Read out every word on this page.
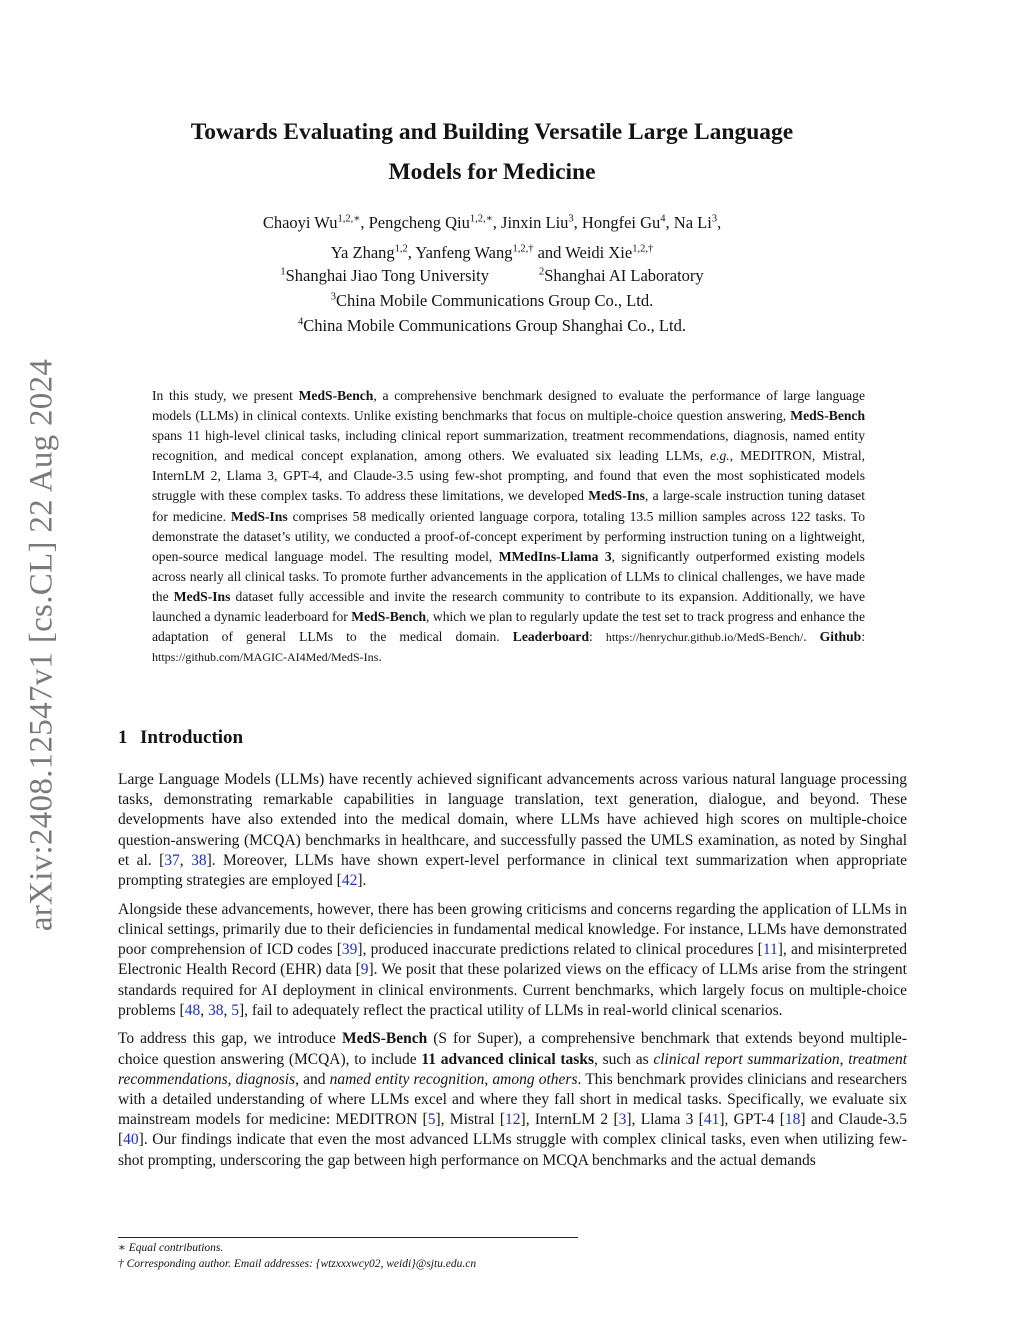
arXiv:2408.12547v1 [cs.CL] 22 Aug 2024
Towards Evaluating and Building Versatile Large Language
Models for Medicine
Chaoyi $Wu^{1,2,∗}$, Pengcheng Qiu$^{1,2,∗}$, Jinxin Liu$^3$, Hongfei Gu$^4$, Na Li$^3$,
Ya Zhang$^{1,2}$, Yanfeng Wang$^{1,2,\dagger}$ and Weidi Xie$^{1,2,\dagger}$
$^1$Shanghai Jiao Tong University	$^2$Shanghai AI Laboratory
$^3$China Mobile Communications Group Co., Ltd.
$^4$China Mobile Communications Group Shanghai Co., Ltd.
In this study, we present MedS-Bench, a comprehensive benchmark designed to evaluate the performance of large language models (LLMs) in clinical contexts. Unlike existing benchmarks that focus on multiple-choice question answering, MedS-Bench spans 11 high-level clinical tasks, including clinical report summarization, treatment recommendations, diagnosis, named entity recognition, and medical concept explanation, among others. We evaluated six leading LLMs, e.g., MEDITRON, Mistral, InternLM 2, Llama 3, GPT-4, and Claude-3.5 using few-shot prompting, and found that even the most sophisticated models struggle with these complex tasks. To address these limitations, we developed MedS-Ins, a large-scale instruction tuning dataset for medicine. MedS-Ins comprises 58 medically oriented language corpora, totaling 13.5 million samples across 122 tasks. To demonstrate the dataset’s utility, we conducted a proof-of-concept experiment by performing instruction tuning on a lightweight, open-source medical language model. The resulting model, MMedIns-Llama 3, significantly outperformed existing models across nearly all clinical tasks. To promote further advancements in the application of LLMs to clinical challenges, we have made the MedS-Ins dataset fully accessible and invite the research community to contribute to its expansion. Additionally, we have launched a dynamic leaderboard for MedS-Bench, which we plan to regularly update the test set to track progress and enhance the adaptation of general LLMs to the medical domain. Leaderboard: https://henrychur.github.io/MedS-Bench/. Github: https://github.com/MAGIC-AI4Med/MedS-Ins.
1 Introduction

Large Language Models (LLMs) have recently achieved significant advancements across various natural language processing tasks, demonstrating remarkable capabilities in language translation, text generation, dialogue, and beyond. These developments have also extended into the medical domain, where LLMs have achieved high scores on multiple-choice question-answering (MCQA) benchmarks in healthcare, and successfully passed the UMLS examination, as noted by Singhal et al. [37, 38]. Moreover, LLMs have shown expert-level performance in clinical text summarization when appropriate prompting strategies are employed [42].

Alongside these advancements, however, there has been growing criticisms and concerns regarding the application of LLMs in clinical settings, primarily due to their deficiencies in fundamental medical knowledge. For instance, LLMs have demonstrated poor comprehension of ICD codes [39], produced inaccurate predictions related to clinical procedures [11], and misinterpreted Electronic Health Record (EHR) data [9]. We posit that these polarized views on the efficacy of LLMs arise from the stringent standards required for AI deployment in clinical environments. Current benchmarks, which largely focus on multiple-choice problems [48, 38, 5], fail to adequately reflect the practical utility of LLMs in real-world clinical scenarios.

To address this gap, we introduce MedS-Bench (S for Super), a comprehensive benchmark that extends beyond multiple-choice question answering (MCQA), to include 11 advanced clinical tasks, such as clinical report summarization, treatment recommendations, diagnosis, and named entity recognition, among others. This benchmark provides clinicians and researchers with a detailed understanding of where LLMs excel and where they fall short in medical tasks. Specifically, we evaluate six mainstream models for medicine: MEDITRON [5], Mistral [12], InternLM 2 [3], Llama 3 [41], GPT-4 [18] and Claude-3.5 [40]. Our findings indicate that even the most advanced LLMs struggle with complex clinical tasks, even when utilizing few-shot prompting, underscoring the gap between high performance on MCQA benchmarks and the actual demands

∗ Equal contributions.
† Corresponding author. Email addresses: {wtzxxxwcy02, weidi}@sjtu.edu.cn
